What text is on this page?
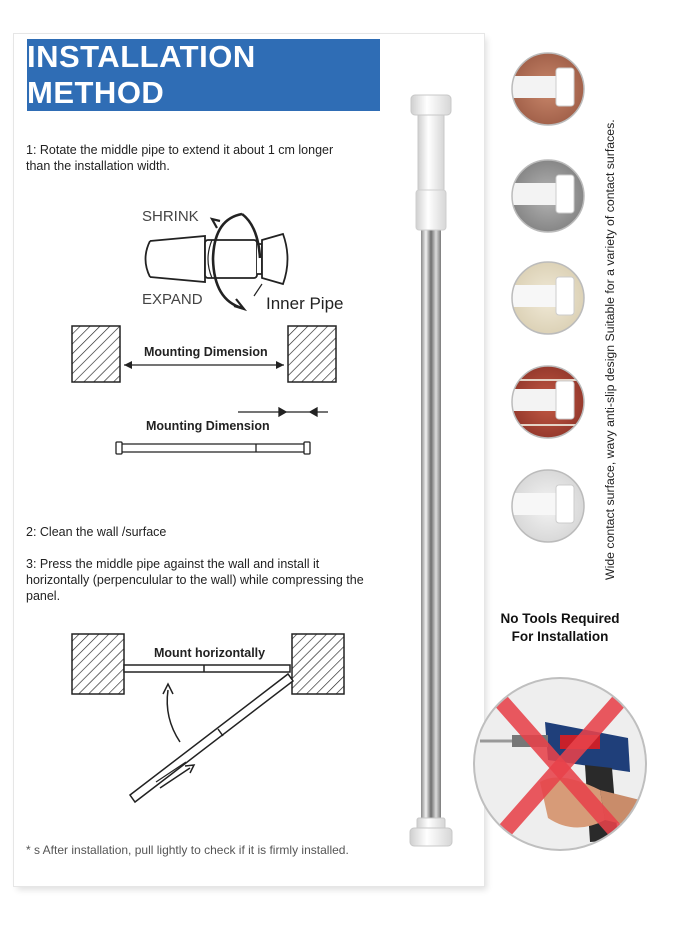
INSTALLATION METHOD
1: Rotate the middle pipe to extend it about 1 cm longer than the installation width.
SHRINK
EXPAND	Inner Pipe
Mounting Dimension
Mounting Dimension
2: Clean the wall /surface
3: Press the middle pipe against the wall and install it horizontally (perpenculular to the wall) while compressing the panel.
Mount horizontally
* s After installation, pull lightly to check if it is firmly installed.
Wide contact surface, wavy anti-slip design Suitable for a variety of contact surfaces.
No Tools Required For Installation
